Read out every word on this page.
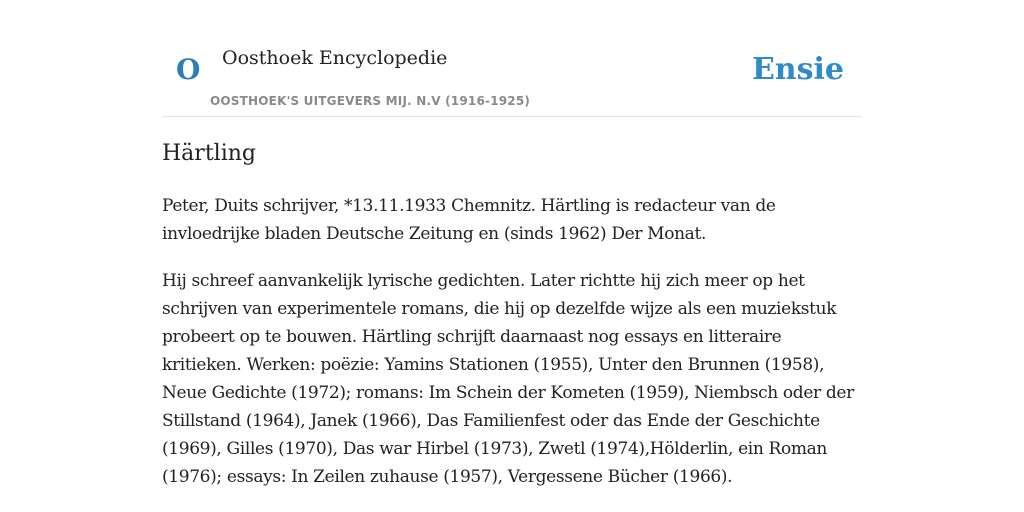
O Oosthoek Encyclopedie
OOSTHOEK'S UITGEVERS MIJ. N.V (1916-1925)
Ensie
Härtling

Peter, Duits schrijver, *13.11.1933 Chemnitz. Härtling is redacteur van de
invloedrijke bladen Deutsche Zeitung en (sinds 1962) Der Monat.

Hij schreef aanvankelijk lyrische gedichten. Later richtte hij zich meer op het
schrijven van experimentele romans, die hij op dezelfde wijze als een muziekstuk
probeert op te bouwen. Härtling schrijft daarnaast nog essays en litteraire
kritieken. Werken: poëzie: Yamins Stationen (1955), Unter den Brunnen (1958),
Neue Gedichte (1972); romans: Im Schein der Kometen (1959), Niembsch oder der
Stillstand (1964), Janek (1966), Das Familienfest oder das Ende der Geschichte
(1969), Gilles (1970), Das war Hirbel (1973), Zwetl (1974),Hölderlin, ein Roman
(1976); essays: In Zeilen zuhause (1957), Vergessene Bücher (1966).
